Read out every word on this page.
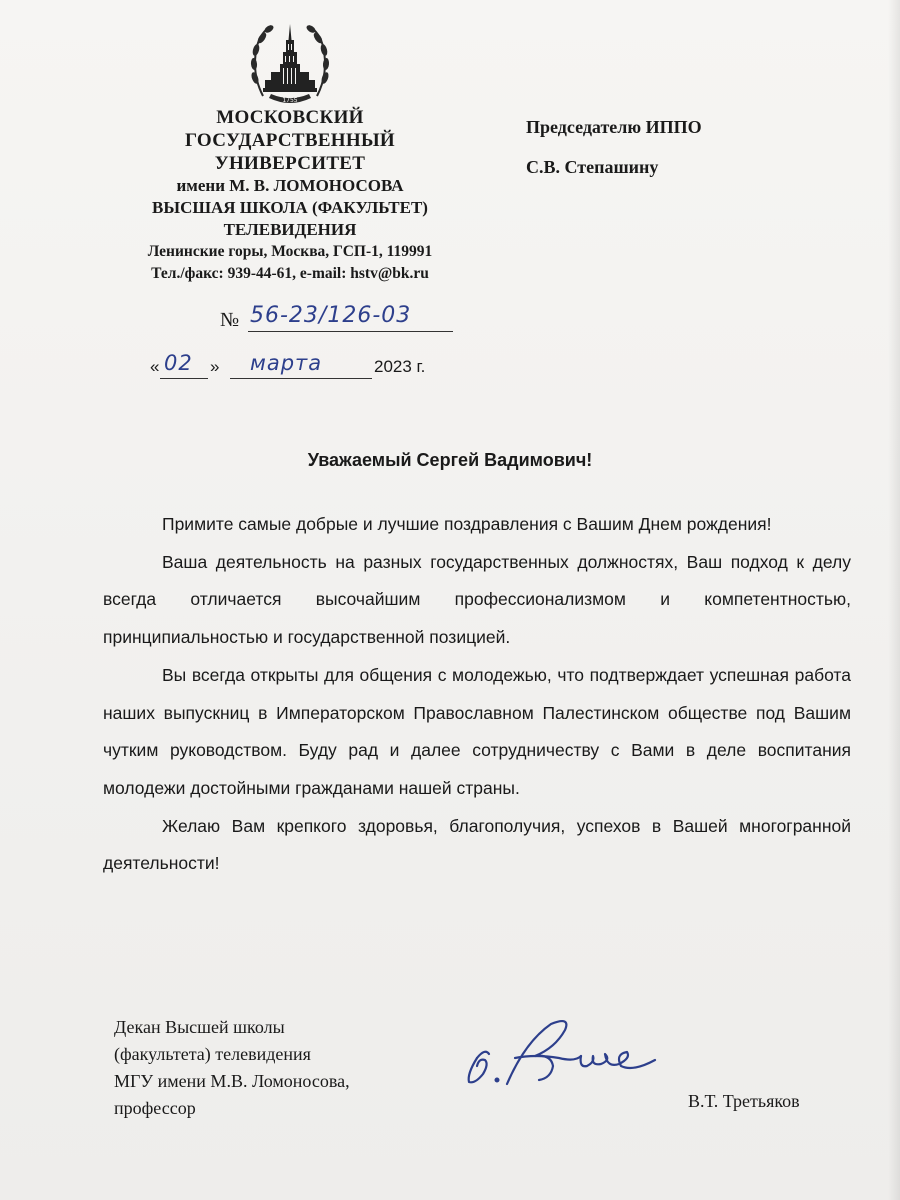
1755
МОСКОВСКИЙ
ГОСУДАРСТВЕННЫЙ
УНИВЕРСИТЕТ
имени М. В. ЛОМОНОСОВА
ВЫСШАЯ ШКОЛА (ФАКУЛЬТЕТ)
ТЕЛЕВИДЕНИЯ
Ленинские горы, Москва, ГСП-1, 119991
Тел./факс: 939-44-61, e-mail: hstv@bk.ru
Председателю ИППО
С.В. Степашину
№ 56-23/126-03
« 02 » марта	2023 г.
Уважаемый Сергей Вадимович!

Примите самые добрые и лучшие поздравления с Вашим Днем рождения!

Ваша деятельность на разных государственных должностях, Ваш подход к делу всегда отличается высочайшим профессионализмом и компетентностью, принципиальностью и государственной позицией.

Вы всегда открыты для общения с молодежью, что подтверждает успешная работа наших выпускниц в Императорском Православном Палестинском обществе под Вашим чутким руководством. Буду рад и далее сотрудничеству с Вами в деле воспитания молодежи достойными гражданами нашей страны.

Желаю Вам крепкого здоровья, благополучия, успехов в Вашей многогранной деятельности!

Декан Высшей школы
(факультета) телевидения
МГУ имени М.В. Ломоносова,
профессор	В.Т. Третьяков
